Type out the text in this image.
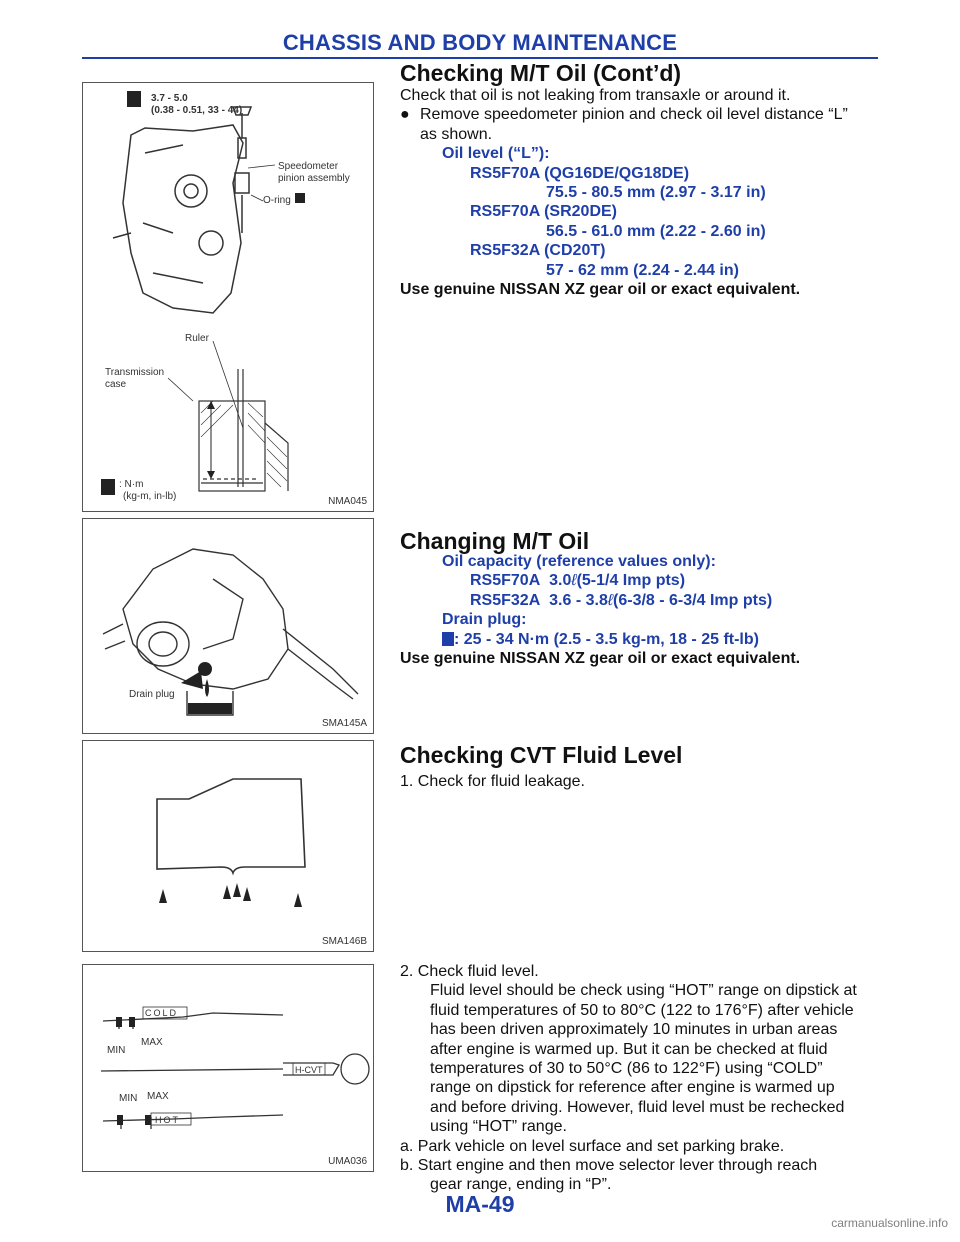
CHASSIS AND BODY MAINTENANCE
Checking M/T Oil (Cont’d)
3.7 - 5.0
(0.38 - 0.51, 33 - 44)
Speedometer
pinion assembly
O-ring
Ruler
Transmission
case
: N·m
(kg-m, in-lb)	NMA045
Check that oil is not leaking from transaxle or around it.
● Remove speedometer pinion and check oil level distance “L”
as shown.
Oil level (“L”):
RS5F70A (QG16DE/QG18DE)
75.5 - 80.5 mm (2.97 - 3.17 in)
RS5F70A (SR20DE)
56.5 - 61.0 mm (2.22 - 2.60 in)
RS5F32A (CD20T)
57 - 62 mm (2.24 - 2.44 in)
Use genuine NISSAN XZ gear oil or exact equivalent.
Drain plug
SMA145A
Changing M/T Oil
Oil capacity (reference values only):
RS5F70A 3.0ℓ(5-1/4 Imp pts)
RS5F32A 3.6 - 3.8ℓ(6-3/8 - 6-3/4 Imp pts)
Drain plug:
: 25 - 34 N·m (2.5 - 3.5 kg-m, 18 - 25 ft-lb)
Use genuine NISSAN XZ gear oil or exact equivalent.
SMA146B
Checking CVT Fluid Level
1. Check for fluid leakage.
COLD
HOT
H-CVT
MIN
MAX
MIN MAX
UMA036
2. Check fluid level.
Fluid level should be check using “HOT” range on dipstick at
fluid temperatures of 50 to 80°C (122 to 176°F) after vehicle
has been driven approximately 10 minutes in urban areas
after engine is warmed up. But it can be checked at fluid
temperatures of 30 to 50°C (86 to 122°F) using “COLD”
range on dipstick for reference after engine is warmed up
and before driving. However, fluid level must be rechecked
using “HOT” range.
a. Park vehicle on level surface and set parking brake.
b. Start engine and then move selector lever through reach
gear range, ending in “P”.
MA-49
carmanualsonline.info
